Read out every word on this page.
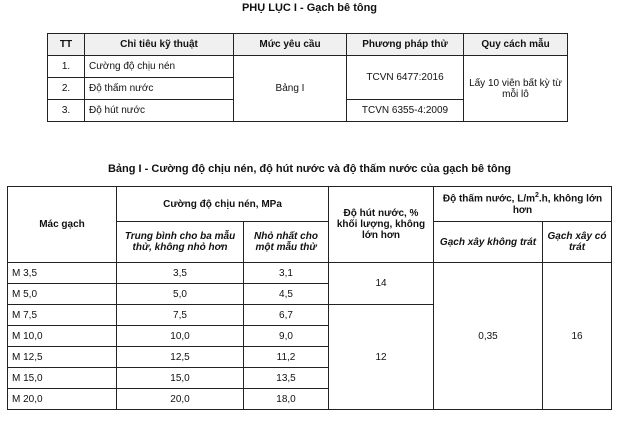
PHỤ LỤC I - Gạch bê tông
TT	Chỉ tiêu kỹ thuật	Mức yêu cầu	Phương pháp thử	Quy cách mẫu
1.	Cường độ chịu nén	Bảng I	TCVN 6477:2016	Lấy 10 viên bất kỳ từ mỗi lô
2.	Độ thấm nước			
3.	Độ hút nước		TCVN 6355-4:2009	
Bảng I - Cường độ chịu nén, độ hút nước và độ thấm nước của gạch bê tông
Mác gạch	Cường độ chịu nén, MPa		Độ hút nước, % khối lượng, không lớn hơn	Độ thấm nước, $L/m^2.h$, không lớn hơn	
	Trung bình cho ba mẫu thử, không nhỏ hơn	Nhỏ nhất cho một mẫu thử		Gạch xây không trát	Gạch xây có trát
M 3,5	3,5	3,1	14	0,35	16
M 5,0	5,0	4,5			
M 7,5	7,5	6,7	12		
M 10,0	10,0	9,0			
M 12,5	12,5	11,2			
M 15,0	15,0	13,5			
M 20,0	20,0	18,0			
